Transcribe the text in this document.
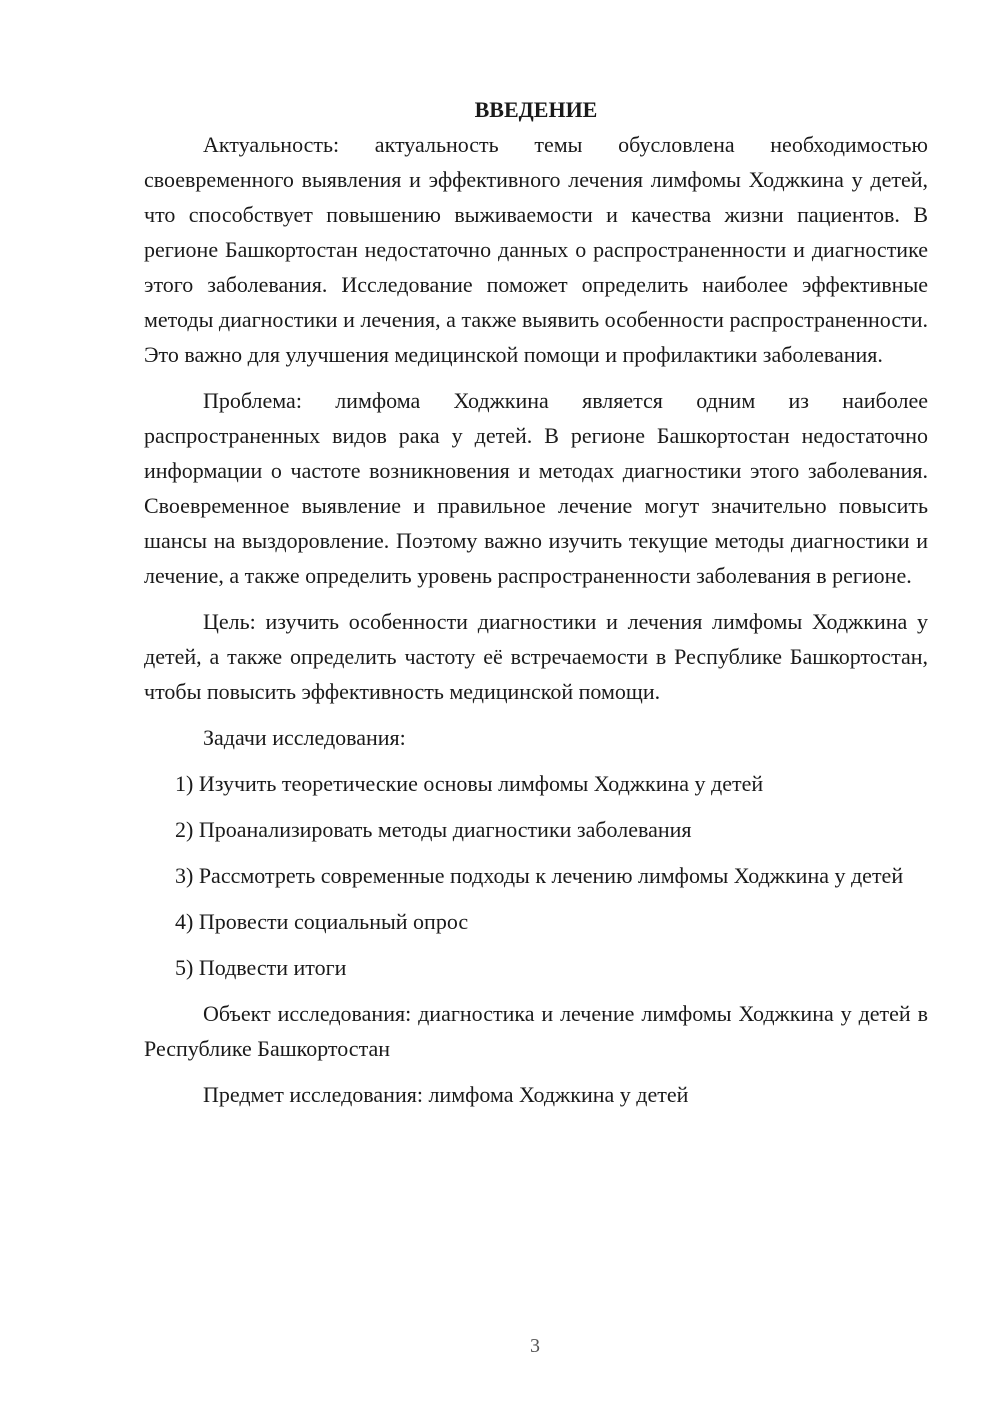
ВВЕДЕНИЕ

Актуальность: актуальность темы обусловлена необходимостью своевременного выявления и эффективного лечения лимфомы Ходжкина у детей, что способствует повышению выживаемости и качества жизни пациентов. В регионе Башкортостан недостаточно данных о распространенности и диагностике этого заболевания. Исследование поможет определить наиболее эффективные методы диагностики и лечения, а также выявить особенности распространенности. Это важно для улучшения медицинской помощи и профилактики заболевания.

Проблема: лимфома Ходжкина является одним из наиболее распространенных видов рака у детей. В регионе Башкортостан недостаточно информации о частоте возникновения и методах диагностики этого заболевания. Своевременное выявление и правильное лечение могут значительно повысить шансы на выздоровление. Поэтому важно изучить текущие методы диагностики и лечение, а также определить уровень распространенности заболевания в регионе.

Цель: изучить особенности диагностики и лечения лимфомы Ходжкина у детей, а также определить частоту её встречаемости в Республике Башкортостан, чтобы повысить эффективность медицинской помощи.

Задачи исследования:

1) Изучить теоретические основы лимфомы Ходжкина у детей

2) Проанализировать методы диагностики заболевания

3) Рассмотреть современные подходы к лечению лимфомы Ходжкина у детей

4) Провести социальный опрос

5) Подвести итоги

Объект исследования: диагностика и лечение лимфомы Ходжкина у детей в Республике Башкортостан

Предмет исследования: лимфома Ходжкина у детей

3
